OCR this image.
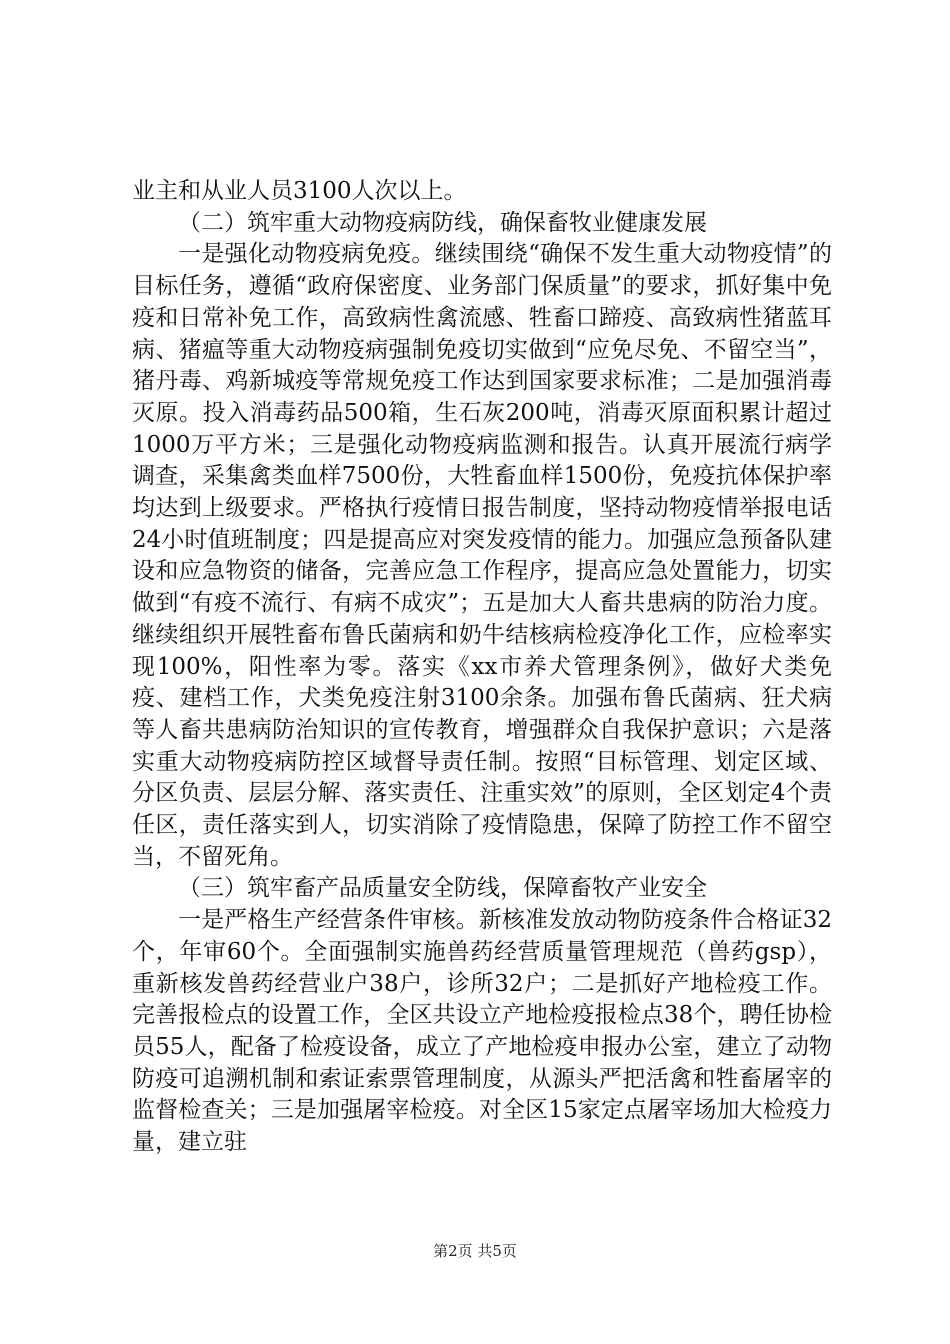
业主和从业人员3100人次以上。

（二）筑牢重大动物疫病防线，确保畜牧业健康发展

一是强化动物疫病免疫。继续围绕“确保不发生重大动物疫情”的目标任务，遵循“政府保密度、业务部门保质量”的要求，抓好集中免疫和日常补免工作，高致病性禽流感、牲畜口蹄疫、高致病性猪蓝耳病、猪瘟等重大动物疫病强制免疫切实做到“应免尽免、不留空当”，猪丹毒、鸡新城疫等常规免疫工作达到国家要求标准；二是加强消毒灭原。投入消毒药品500箱，生石灰200吨，消毒灭原面积累计超过1000万平方米；三是强化动物疫病监测和报告。认真开展流行病学调查，采集禽类血样7500份，大牲畜血样1500份，免疫抗体保护率均达到上级要求。严格执行疫情日报告制度，坚持动物疫情举报电话24小时值班制度；四是提高应对突发疫情的能力。加强应急预备队建设和应急物资的储备，完善应急工作程序，提高应急处置能力，切实做到“有疫不流行、有病不成灾”；五是加大人畜共患病的防治力度。继续组织开展牲畜布鲁氏菌病和奶牛结核病检疫净化工作，应检率实现100%，阳性率为零。落实《xx市养犬管理条例》，做好犬类免疫、建档工作，犬类免疫注射3100余条。加强布鲁氏菌病、狂犬病等人畜共患病防治知识的宣传教育，增强群众自我保护意识；六是落实重大动物疫病防控区域督导责任制。按照“目标管理、划定区域、分区负责、层层分解、落实责任、注重实效”的原则，全区划定4个责任区，责任落实到人，切实消除了疫情隐患，保障了防控工作不留空当，不留死角。

（三）筑牢畜产品质量安全防线，保障畜牧产业安全

一是严格生产经营条件审核。新核准发放动物防疫条件合格证32个，年审60个。全面强制实施兽药经营质量管理规范（兽药gsp），重新核发兽药经营业户38户，诊所32户；二是抓好产地检疫工作。完善报检点的设置工作，全区共设立产地检疫报检点38个，聘任协检员55人，配备了检疫设备，成立了产地检疫申报办公室，建立了动物防疫可追溯机制和索证索票管理制度，从源头严把活禽和牲畜屠宰的监督检查关；三是加强屠宰检疫。对全区15家定点屠宰场加大检疫力量，建立驻

第2页 共5页
